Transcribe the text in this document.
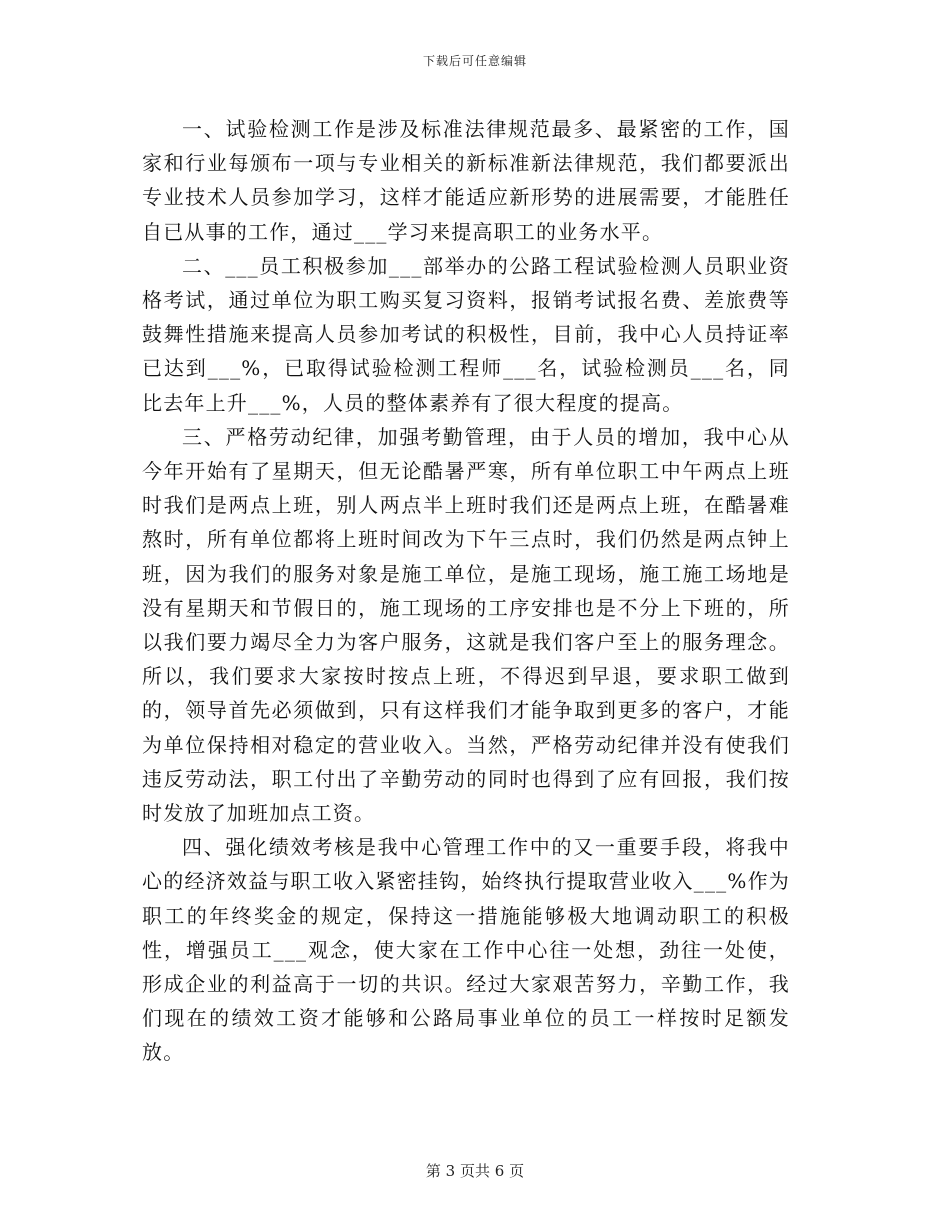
下载后可任意编辑

一、试验检测工作是涉及标准法律规范最多、最紧密的工作，国家和行业每颁布一项与专业相关的新标准新法律规范，我们都要派出专业技术人员参加学习，这样才能适应新形势的进展需要，才能胜任自已从事的工作，通过___学习来提高职工的业务水平。

二、___员工积极参加___部举办的公路工程试验检测人员职业资格考试，通过单位为职工购买复习资料，报销考试报名费、差旅费等鼓舞性措施来提高人员参加考试的积极性，目前，我中心人员持证率已达到___%，已取得试验检测工程师___名，试验检测员___名，同比去年上升___%，人员的整体素养有了很大程度的提高。

三、严格劳动纪律，加强考勤管理，由于人员的增加，我中心从今年开始有了星期天，但无论酷暑严寒，所有单位职工中午两点上班时我们是两点上班，别人两点半上班时我们还是两点上班，在酷暑难熬时，所有单位都将上班时间改为下午三点时，我们仍然是两点钟上班，因为我们的服务对象是施工单位，是施工现场，施工施工场地是没有星期天和节假日的，施工现场的工序安排也是不分上下班的，所以我们要力竭尽全力为客户服务，这就是我们客户至上的服务理念。所以，我们要求大家按时按点上班，不得迟到早退，要求职工做到的，领导首先必须做到，只有这样我们才能争取到更多的客户，才能为单位保持相对稳定的营业收入。当然，严格劳动纪律并没有使我们违反劳动法，职工付出了辛勤劳动的同时也得到了应有回报，我们按时发放了加班加点工资。

四、强化绩效考核是我中心管理工作中的又一重要手段，将我中心的经济效益与职工收入紧密挂钩，始终执行提取营业收入___%作为职工的年终奖金的规定，保持这一措施能够极大地调动职工的积极性，增强员工___观念，使大家在工作中心往一处想，劲往一处使，形成企业的利益高于一切的共识。经过大家艰苦努力，辛勤工作，我们现在的绩效工资才能够和公路局事业单位的员工一样按时足额发放。

第 3 页共 6 页
